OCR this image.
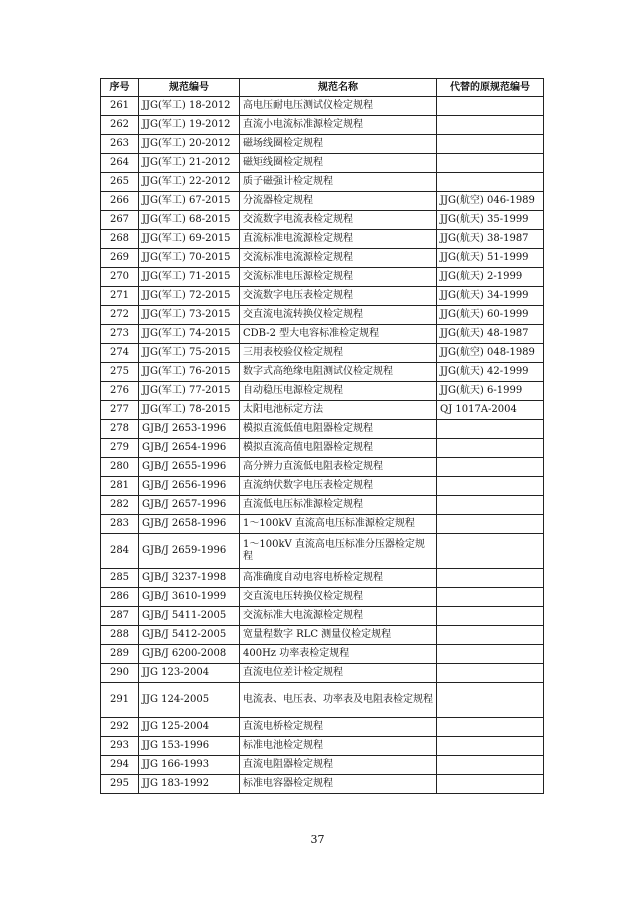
序号	规范编号	规范名称	代替的原规范编号
261	JJG(军工) 18-2012	高电压耐电压测试仪检定规程	
262	JJG(军工) 19-2012	直流小电流标准源检定规程	
263	JJG(军工) 20-2012	磁场线圈检定规程	
264	JJG(军工) 21-2012	磁矩线圈检定规程	
265	JJG(军工) 22-2012	质子磁强计检定规程	
266	JJG(军工) 67-2015	分流器检定规程	JJG(航空) 046-1989
267	JJG(军工) 68-2015	交流数字电流表检定规程	JJG(航天) 35-1999
268	JJG(军工) 69-2015	直流标准电流源检定规程	JJG(航天) 38-1987
269	JJG(军工) 70-2015	交流标准电流源检定规程	JJG(航天) 51-1999
270	JJG(军工) 71-2015	交流标准电压源检定规程	JJG(航天) 2-1999
271	JJG(军工) 72-2015	交流数字电压表检定规程	JJG(航天) 34-1999
272	JJG(军工) 73-2015	交直流电流转换仪检定规程	JJG(航天) 60-1999
273	JJG(军工) 74-2015	CDB-2 型大电容标准检定规程	JJG(航天) 48-1987
274	JJG(军工) 75-2015	三用表校验仪检定规程	JJG(航空) 048-1989
275	JJG(军工) 76-2015	数字式高绝缘电阻测试仪检定规程	JJG(航天) 42-1999
276	JJG(军工) 77-2015	自动稳压电源检定规程	JJG(航天) 6-1999
277	JJG(军工) 78-2015	太阳电池标定方法	QJ 1017A-2004
278	GJB/J 2653-1996	模拟直流低值电阻器检定规程	
279	GJB/J 2654-1996	模拟直流高值电阻器检定规程	
280	GJB/J 2655-1996	高分辨力直流低电阻表检定规程	
281	GJB/J 2656-1996	直流纳伏数字电压表检定规程	
282	GJB/J 2657-1996	直流低电压标准源检定规程	
283	GJB/J 2658-1996	1～100kV 直流高电压标准源检定规程	
284	GJB/J 2659-1996	1～100kV 直流高电压标准分压器检定规程	
285	GJB/J 3237-1998	高准确度自动电容电桥检定规程	
286	GJB/J 3610-1999	交直流电压转换仪检定规程	
287	GJB/J 5411-2005	交流标准大电流源检定规程	
288	GJB/J 5412-2005	宽量程数字 RLC 测量仪检定规程	
289	GJB/J 6200-2008	400Hz 功率表检定规程	
290	JJG 123-2004	直流电位差计检定规程	
291	JJG 124-2005	电流表、电压表、功率表及电阻表检定规程	
292	JJG 125-2004	直流电桥检定规程	
293	JJG 153-1996	标准电池检定规程	
294	JJG 166-1993	直流电阻器检定规程	
295	JJG 183-1992	标准电容器检定规程	
37
